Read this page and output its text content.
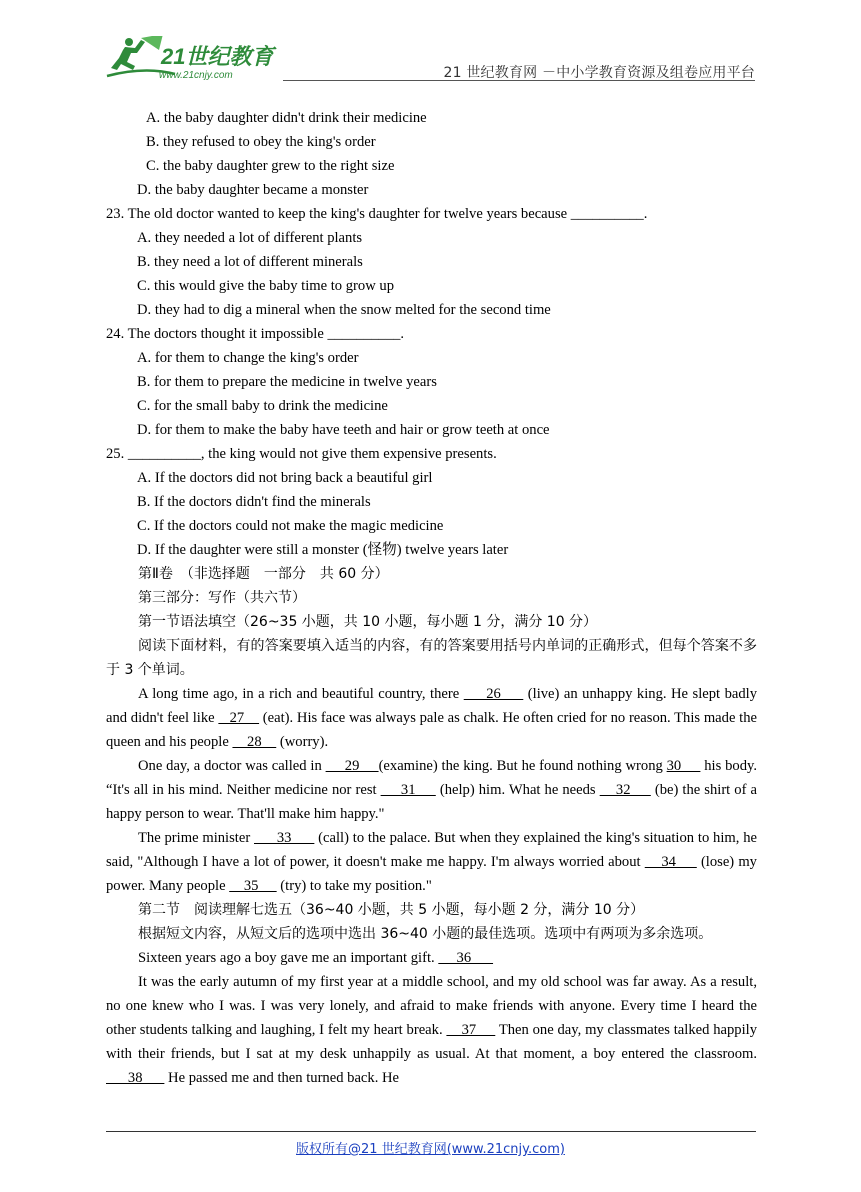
21世纪教育
www.21cnjy.com	21 世纪教育网 －中小学教育资源及组卷应用平台
A. the baby daughter didn't drink their medicine
B. they refused to obey the king's order
C. the baby daughter grew to the right size
D. the baby daughter became a monster
23. The old doctor wanted to keep the king's daughter for twelve years because __________.
A. they needed a lot of different plants
B. they need a lot of different minerals
C. this would give the baby time to grow up
D. they had to dig a mineral when the snow melted for the second time
24. The doctors thought it impossible __________.
A. for them to change the king's order
B. for them to prepare the medicine in twelve years
C. for the small baby to drink the medicine
D. for them to make the baby have teeth and hair or grow teeth at once
25. __________, the king would not give them expensive presents.
A. If the doctors did not bring back a beautiful girl
B. If the doctors didn't find the minerals
C. If the doctors could not make the magic medicine
D. If the daughter were still a monster (怪物) twelve years later
第Ⅱ卷　（非选择题　一部分　共 60 分）
第三部分：写作（共六节）
第一节语法填空（26~35 小题，共 10 小题，每小题 1 分，满分 10 分）

阅读下面材料，有的答案要填入适当的内容，有的答案要用括号内单词的正确形式，但每个答案不多于 3 个单词。

A long time ago, in a rich and beautiful country, there      26      (live) an unhappy king. He slept badly and didn't feel like    27     (eat). His face was always pale as chalk. He often cried for no reason. This made the queen and his people     28     (worry).

One day, a doctor was called in      29     (examine) the king. But he found nothing wrong 30      his body. “It's all in his mind. Neither medicine nor rest      31      (help) him. What he needs     32      (be) the shirt of a happy person to wear. That'll make him happy."

The prime minister       33       (call) to the palace. But when they explained the king's situation to him, he said, "Although I have a lot of power, it doesn't make me happy. I'm always worried about     34      (lose) my power. Many people     35      (try) to take my position."

第二节　阅读理解七选五（36~40 小题，共 5 小题，每小题 2 分，满分 10 分）

根据短文内容，从短文后的选项中选出 36~40 小题的最佳选项。选项中有两项为多余选项。

Sixteen years ago a boy gave me an important gift.      36

It was the early autumn of my first year at a middle school, and my old school was far away. As a result, no one knew who I was. I was very lonely, and afraid to make friends with anyone. Every time I heard the other students talking and laughing, I felt my heart break.     37      Then one day, my classmates talked happily with their friends, but I sat at my desk unhappily as usual. At that moment, a boy entered the classroom.       38       He passed me and then turned back. He

版权所有@21 世纪教育网(www.21cnjy.com)
